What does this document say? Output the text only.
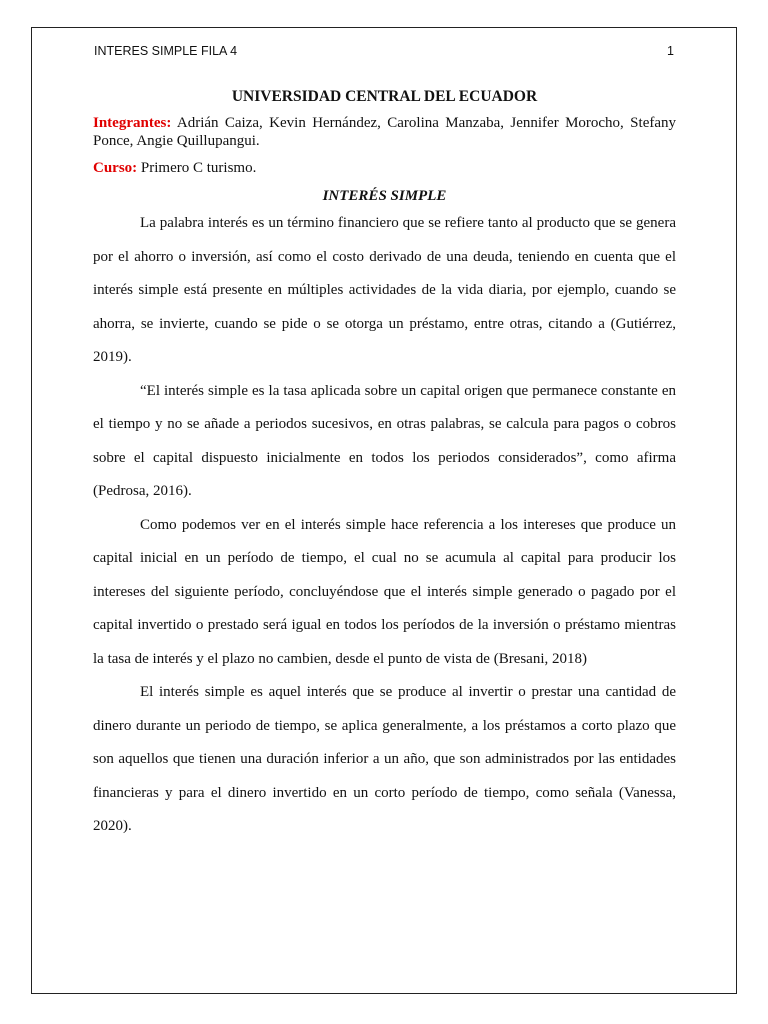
INTERES SIMPLE FILA 4	1

UNIVERSIDAD CENTRAL DEL ECUADOR

Integrantes: Adrián Caiza, Kevin Hernández, Carolina Manzaba, Jennifer Morocho, Stefany Ponce, Angie Quillupangui.

Curso: Primero C turismo.

INTERÉS SIMPLE

La palabra interés es un término financiero que se refiere tanto al producto que se genera por el ahorro o inversión, así como el costo derivado de una deuda, teniendo en cuenta que el interés simple está presente en múltiples actividades de la vida diaria, por ejemplo, cuando se ahorra, se invierte, cuando se pide o se otorga un préstamo, entre otras, citando a (Gutiérrez, 2019).

“El interés simple es la tasa aplicada sobre un capital origen que permanece constante en el tiempo y no se añade a periodos sucesivos, en otras palabras, se calcula para pagos o cobros sobre el capital dispuesto inicialmente en todos los periodos considerados”, como afirma (Pedrosa, 2016).

Como podemos ver en el interés simple hace referencia a los intereses que produce un capital inicial en un período de tiempo, el cual no se acumula al capital para producir los intereses del siguiente período, concluyéndose que el interés simple generado o pagado por el capital invertido o prestado será igual en todos los períodos de la inversión o préstamo mientras la tasa de interés y el plazo no cambien, desde el punto de vista de (Bresani, 2018)

El interés simple es aquel interés que se produce al invertir o prestar una cantidad de dinero durante un periodo de tiempo, se aplica generalmente, a los préstamos a corto plazo que son aquellos que tienen una duración inferior a un año, que son administrados por las entidades financieras y para el dinero invertido en un corto período de tiempo, como señala (Vanessa, 2020).
